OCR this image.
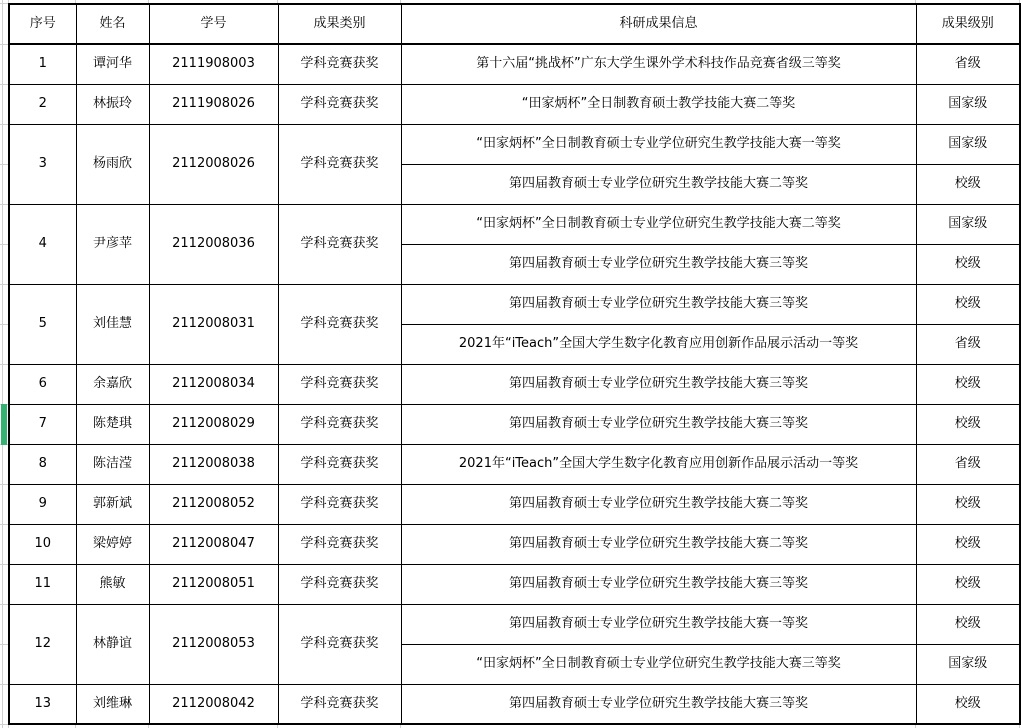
序号	姓名	学号	成果类别	科研成果信息	成果级别
1	谭河华	2111908003	学科竞赛获奖	第十六届“挑战杯”广东大学生课外学术科技作品竞赛省级三等奖	省级
2	林振玲	2111908026	学科竞赛获奖	“田家炳杯”全日制教育硕士教学技能大赛二等奖	国家级
3	杨雨欣	2112008026	学科竞赛获奖	“田家炳杯”全日制教育硕士专业学位研究生教学技能大赛一等奖	国家级
				第四届教育硕士专业学位研究生教学技能大赛二等奖	校级
4	尹彦苹	2112008036	学科竞赛获奖	“田家炳杯”全日制教育硕士专业学位研究生教学技能大赛二等奖	国家级
				第四届教育硕士专业学位研究生教学技能大赛三等奖	校级
5	刘佳慧	2112008031	学科竞赛获奖	第四届教育硕士专业学位研究生教学技能大赛三等奖	校级
				2021年“iTeach”全国大学生数字化教育应用创新作品展示活动一等奖	省级
6	余嘉欣	2112008034	学科竞赛获奖	第四届教育硕士专业学位研究生教学技能大赛三等奖	校级
7	陈楚琪	2112008029	学科竞赛获奖	第四届教育硕士专业学位研究生教学技能大赛三等奖	校级
8	陈洁滢	2112008038	学科竞赛获奖	2021年“iTeach”全国大学生数字化教育应用创新作品展示活动一等奖	省级
9	郭新斌	2112008052	学科竞赛获奖	第四届教育硕士专业学位研究生教学技能大赛二等奖	校级
10	梁婷婷	2112008047	学科竞赛获奖	第四届教育硕士专业学位研究生教学技能大赛二等奖	校级
11	熊敏	2112008051	学科竞赛获奖	第四届教育硕士专业学位研究生教学技能大赛三等奖	校级
12	林静谊	2112008053	学科竞赛获奖	第四届教育硕士专业学位研究生教学技能大赛一等奖	校级
				“田家炳杯”全日制教育硕士专业学位研究生教学技能大赛三等奖	国家级
13	刘维琳	2112008042	学科竞赛获奖	第四届教育硕士专业学位研究生教学技能大赛三等奖	校级
